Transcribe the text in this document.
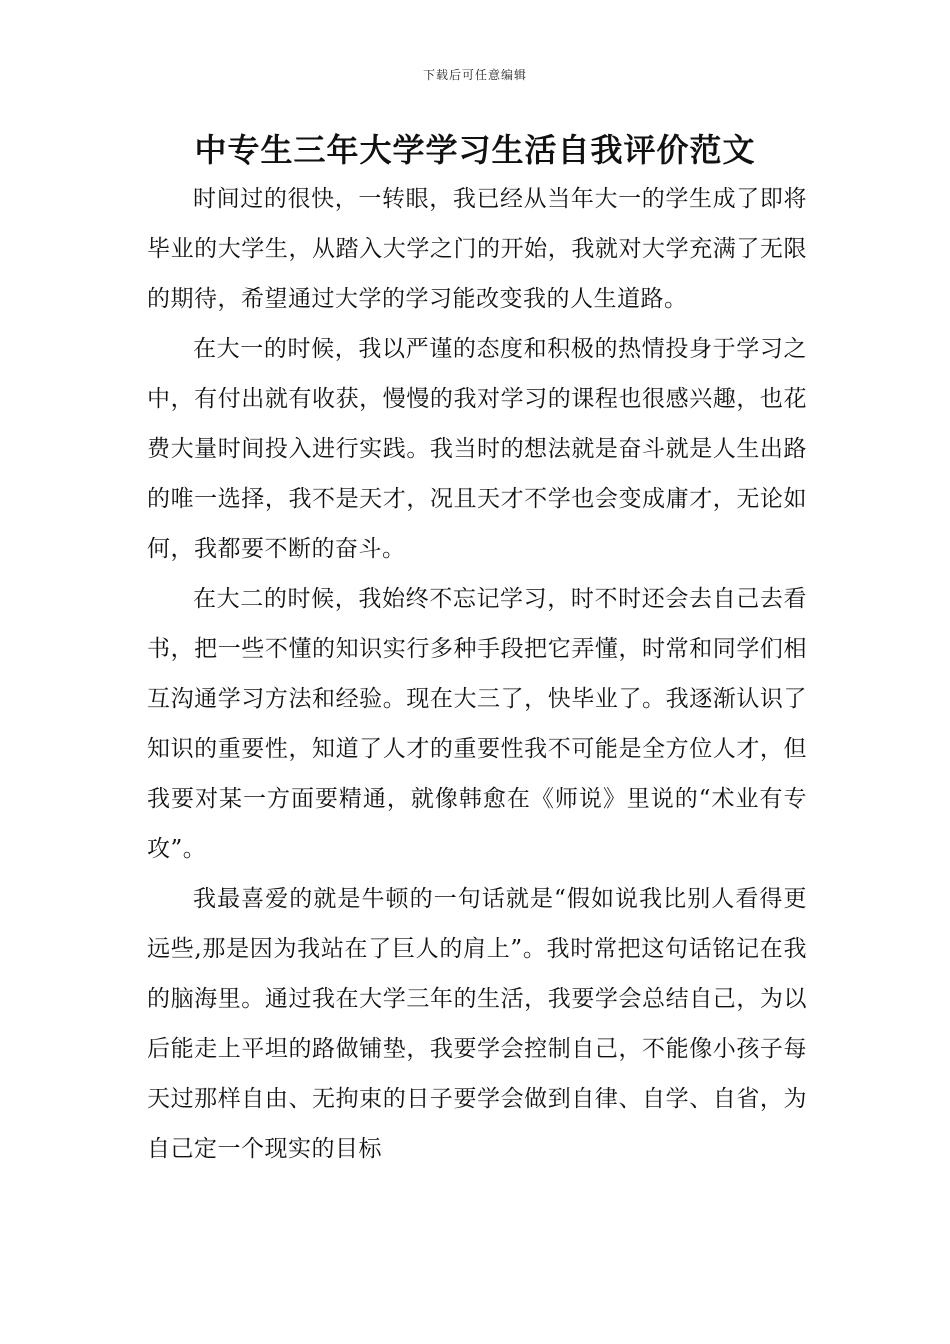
下载后可任意编辑
中专生三年大学学习生活自我评价范文

时间过的很快，一转眼，我已经从当年大一的学生成了即将毕业的大学生，从踏入大学之门的开始，我就对大学充满了无限的期待，希望通过大学的学习能改变我的人生道路。

在大一的时候，我以严谨的态度和积极的热情投身于学习之中，有付出就有收获，慢慢的我对学习的课程也很感兴趣，也花费大量时间投入进行实践。我当时的想法就是奋斗就是人生出路的唯一选择，我不是天才，况且天才不学也会变成庸才，无论如何，我都要不断的奋斗。

在大二的时候，我始终不忘记学习，时不时还会去自己去看书，把一些不懂的知识实行多种手段把它弄懂，时常和同学们相互沟通学习方法和经验。现在大三了，快毕业了。我逐渐认识了知识的重要性，知道了人才的重要性我不可能是全方位人才，但我要对某一方面要精通，就像韩愈在《师说》里说的“术业有专攻”。

我最喜爱的就是牛顿的一句话就是“假如说我比别人看得更远些,那是因为我站在了巨人的肩上”。我时常把这句话铭记在我的脑海里。通过我在大学三年的生活，我要学会总结自己，为以后能走上平坦的路做铺垫，我要学会控制自己，不能像小孩子每天过那样自由、无拘束的日子要学会做到自律、自学、自省，为自己定一个现实的目标
